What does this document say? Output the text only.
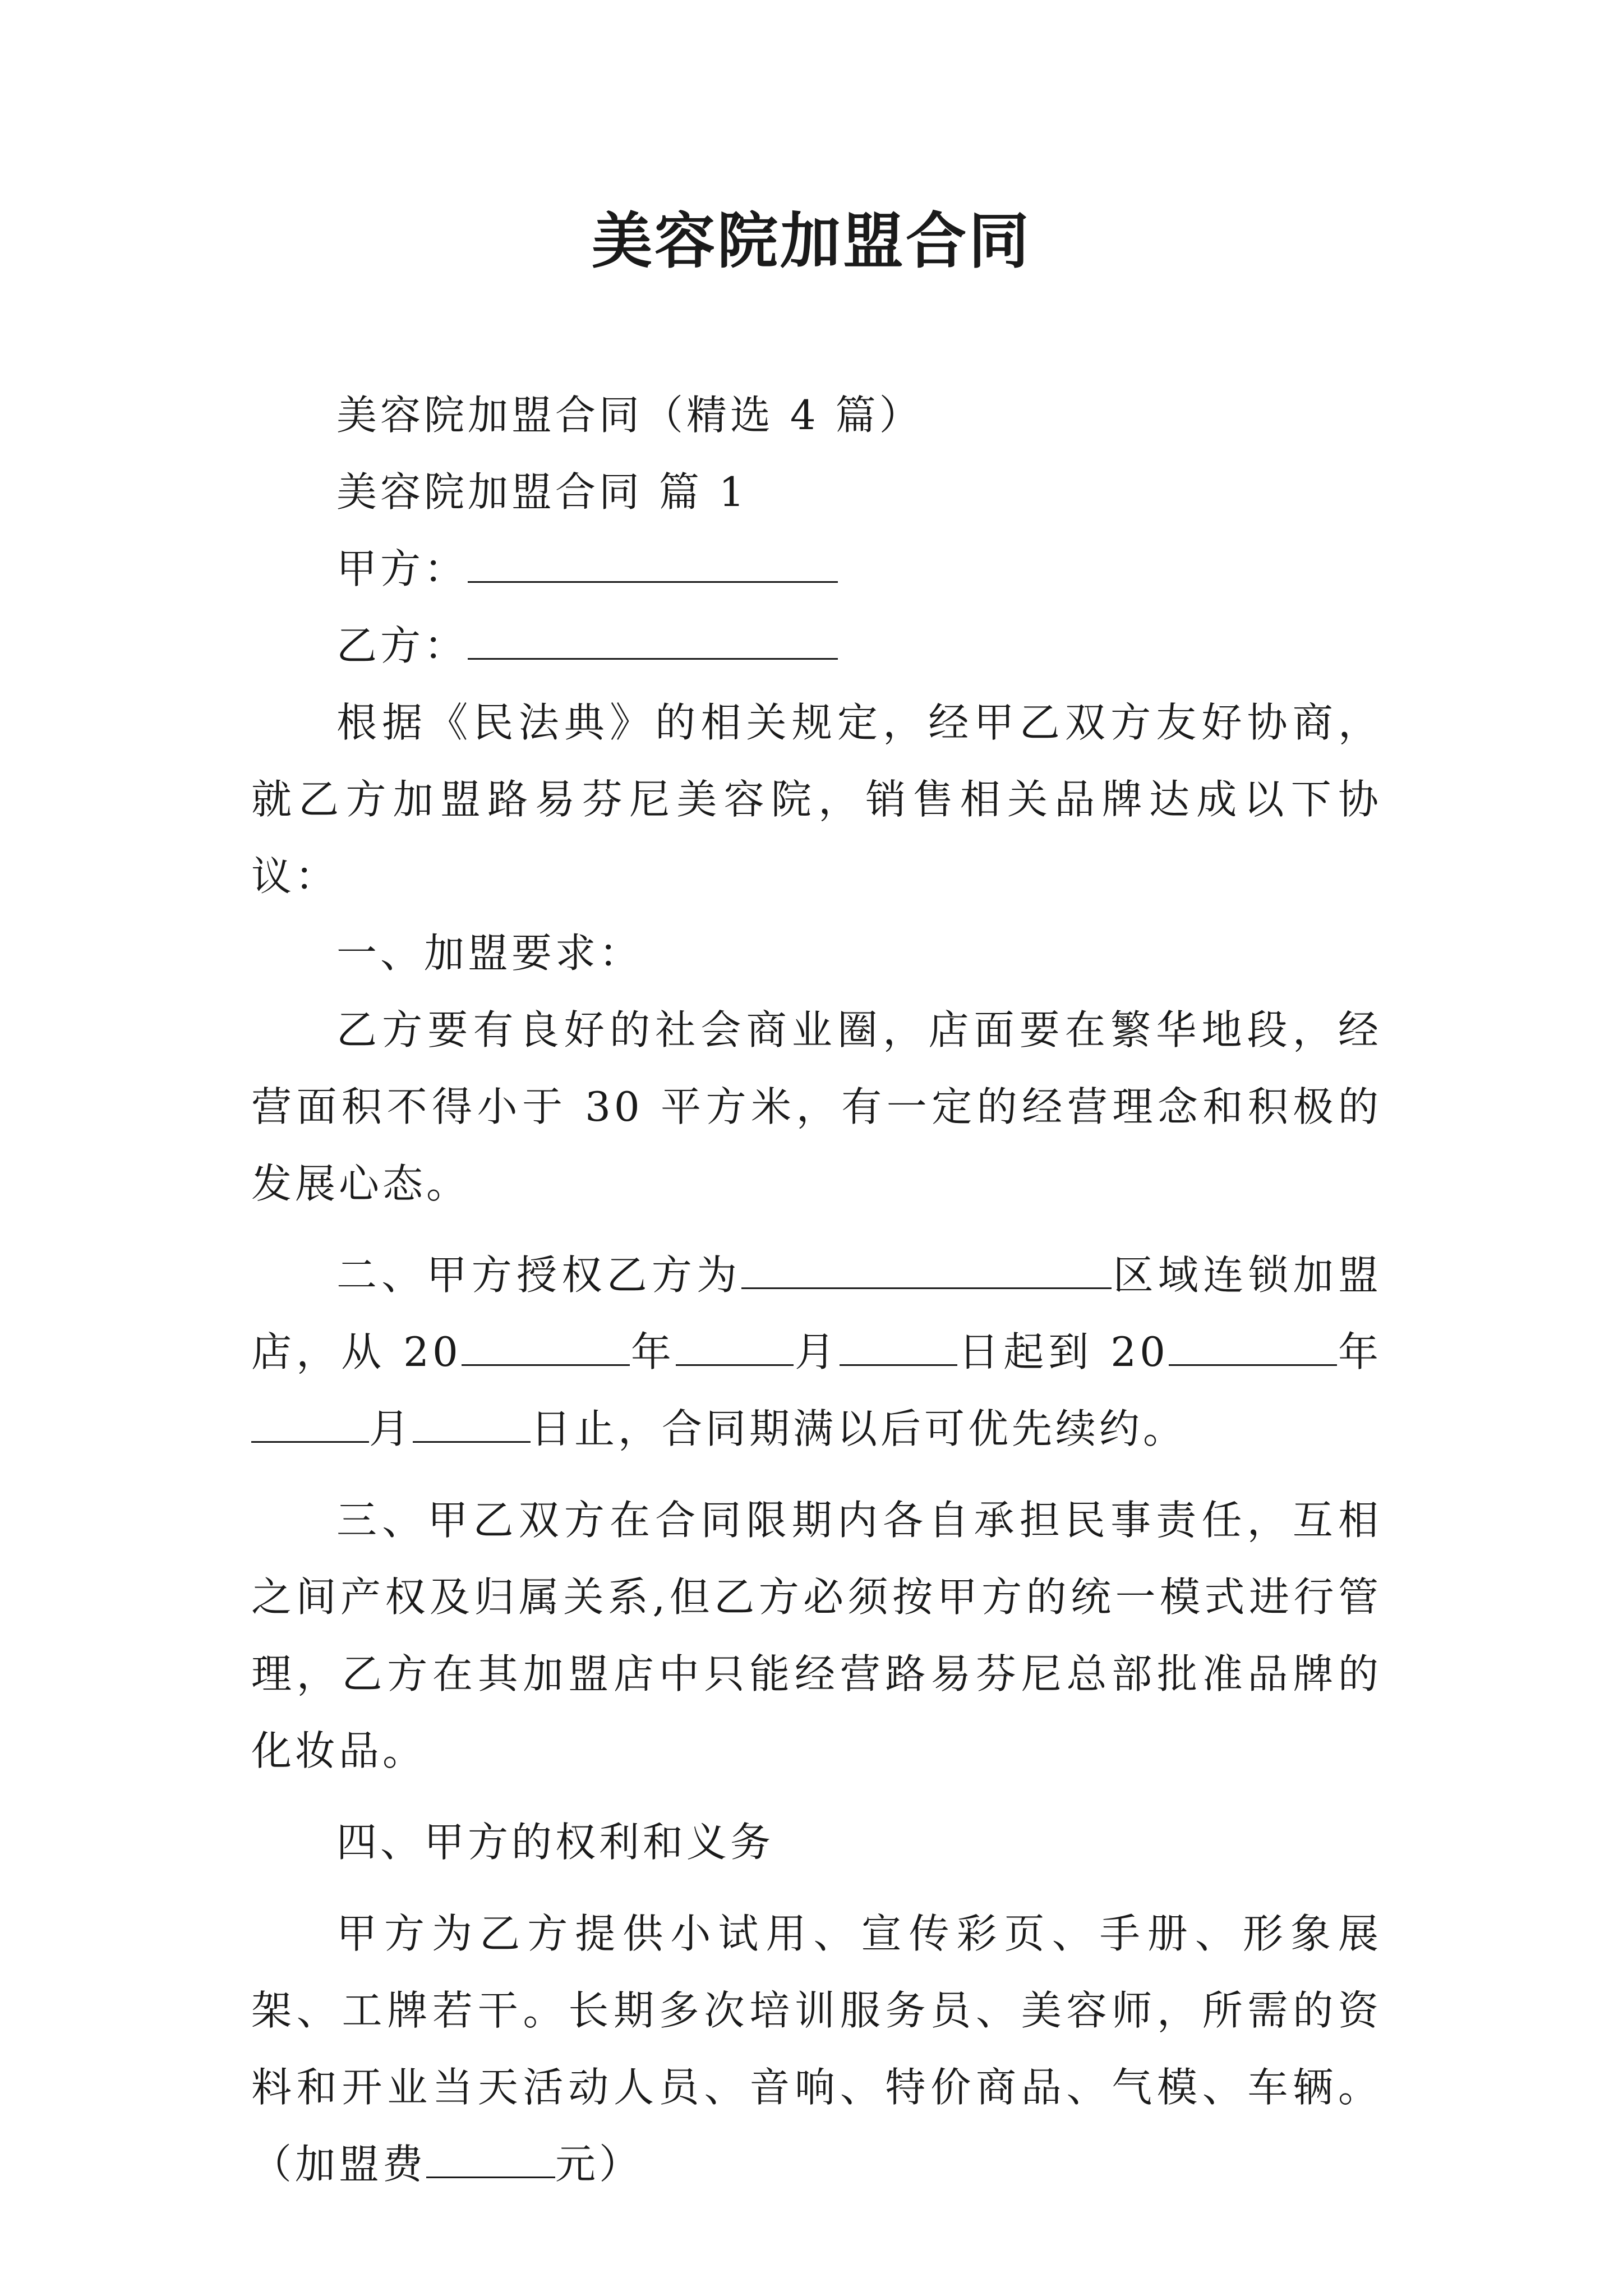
美容院加盟合同

美容院加盟合同（精选 4 篇）

美容院加盟合同 篇 1

甲方：

乙方：

根据《民法典》的相关规定，经甲乙双方友好协商，就乙方加盟路易芬尼美容院，销售相关品牌达成以下协议：

一、加盟要求：

乙方要有良好的社会商业圈，店面要在繁华地段，经营面积不得小于 30 平方米，有一定的经营理念和积极的发展心态。

二、甲方授权乙方为	区域连锁加盟店，从 20	年	月	日起到 20	年月	日止，合同期满以后可优先续约。

三、甲乙双方在合同限期内各自承担民事责任，互相之间产权及归属关系,但乙方必须按甲方的统一模式进行管理，乙方在其加盟店中只能经营路易芬尼总部批准品牌的化妆品。

四、甲方的权利和义务

甲方为乙方提供小试用、宣传彩页、手册、形象展架、工牌若干。长期多次培训服务员、美容师，所需的资料和开业当天活动人员、音响、特价商品、气模、车辆。（加盟费	元）
